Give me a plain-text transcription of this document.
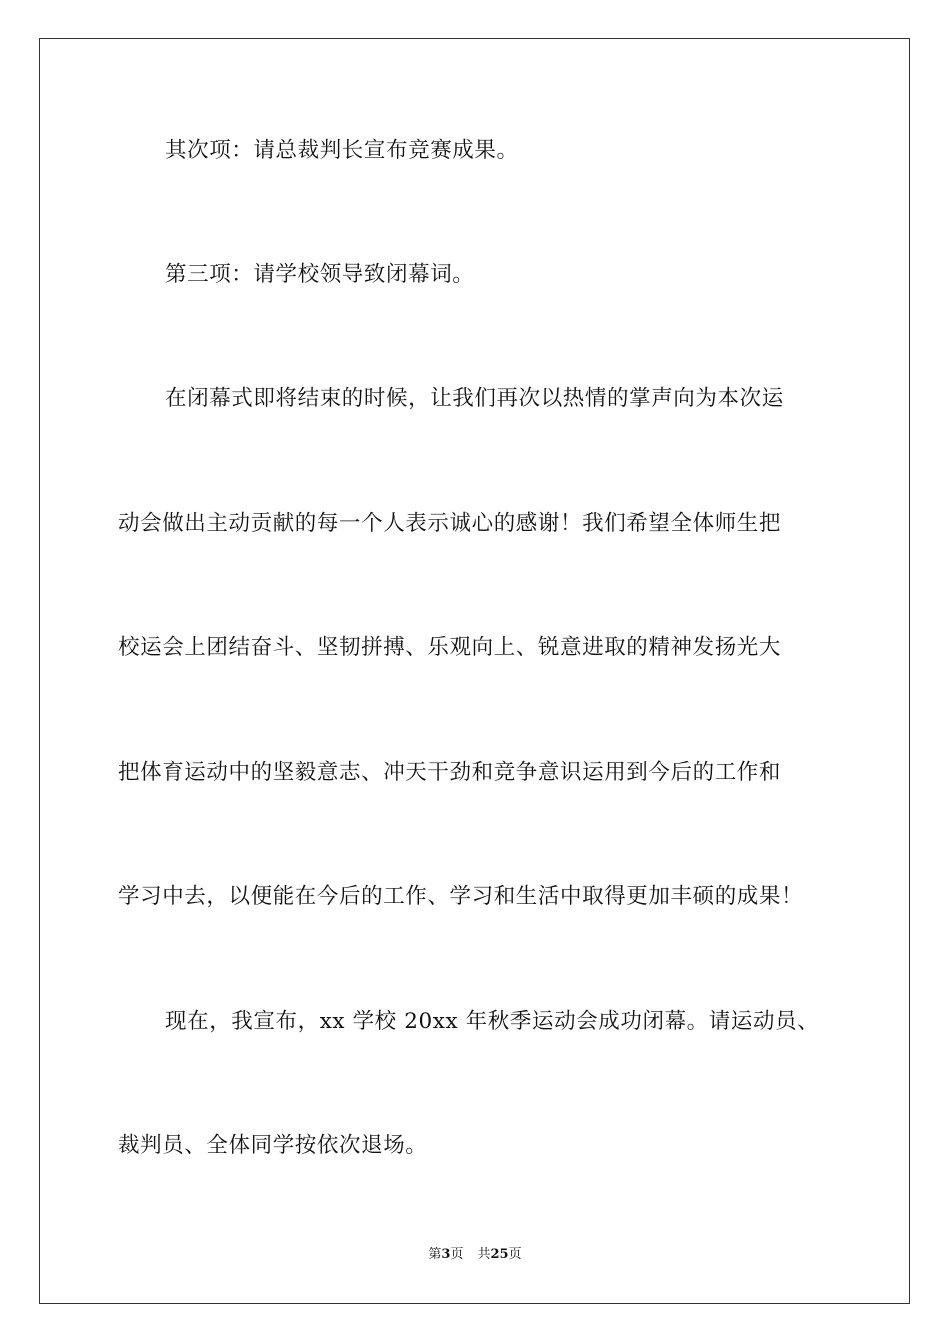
其次项：请总裁判长宣布竞赛成果。
第三项：请学校领导致闭幕词。
在闭幕式即将结束的时候，让我们再次以热情的掌声向为本次运
动会做出主动贡献的每一个人表示诚心的感谢！我们希望全体师生把
校运会上团结奋斗、坚韧拼搏、乐观向上、锐意进取的精神发扬光大
把体育运动中的坚毅意志、冲天干劲和竞争意识运用到今后的工作和
学习中去，以便能在今后的工作、学习和生活中取得更加丰硕的成果！
现在，我宣布，xx 学校 20xx 年秋季运动会成功闭幕。请运动员、
裁判员、全体同学按依次退场。
第3页 共25页
